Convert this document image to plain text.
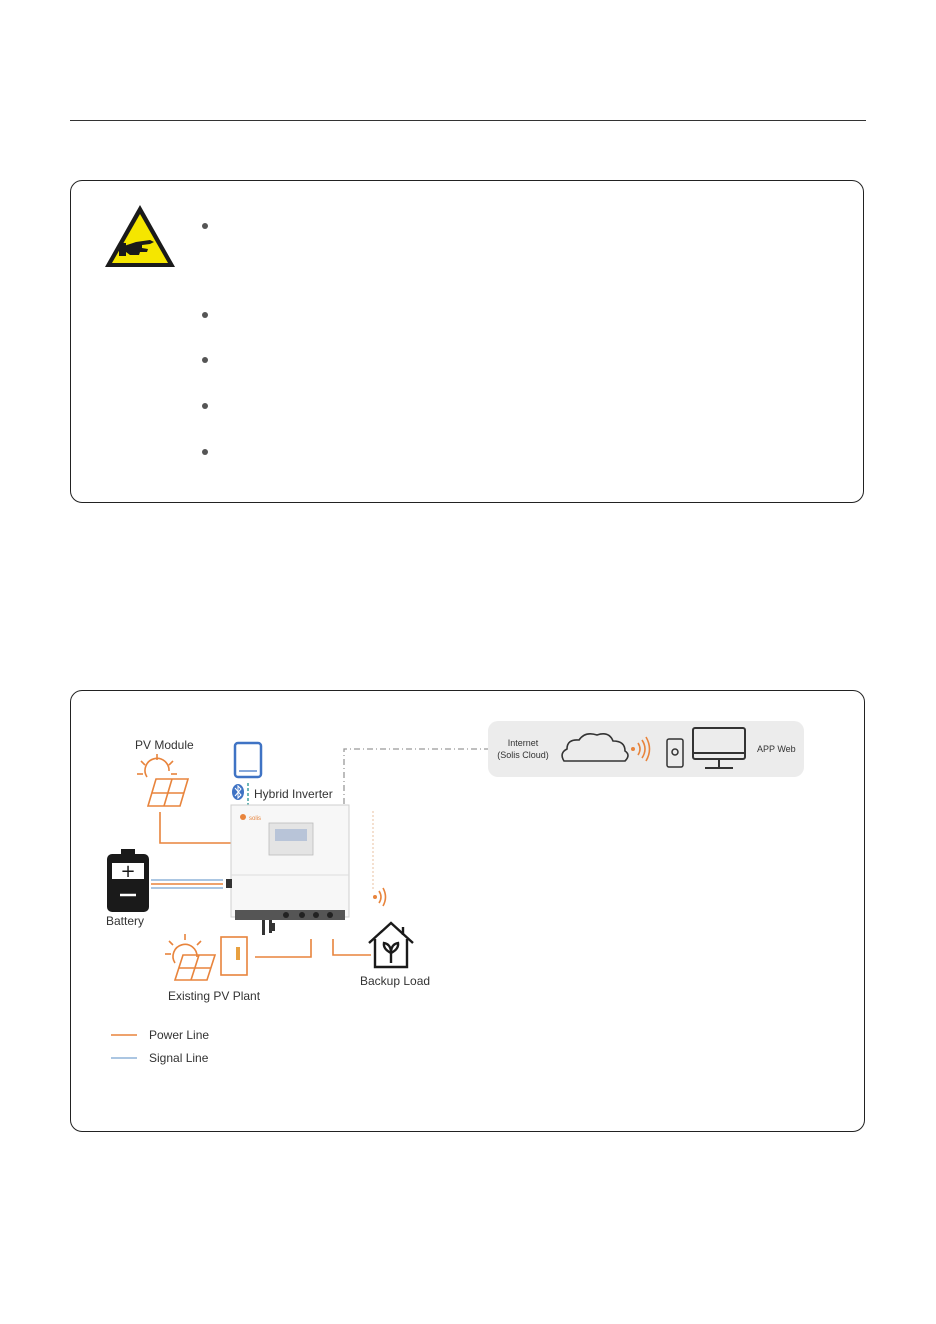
Internet
(Solis Cloud)
APP Web
PV Module
Hybrid Inverter
solis
+
Battery
Existing PV Plant
Backup Load
Power Line
Signal Line
